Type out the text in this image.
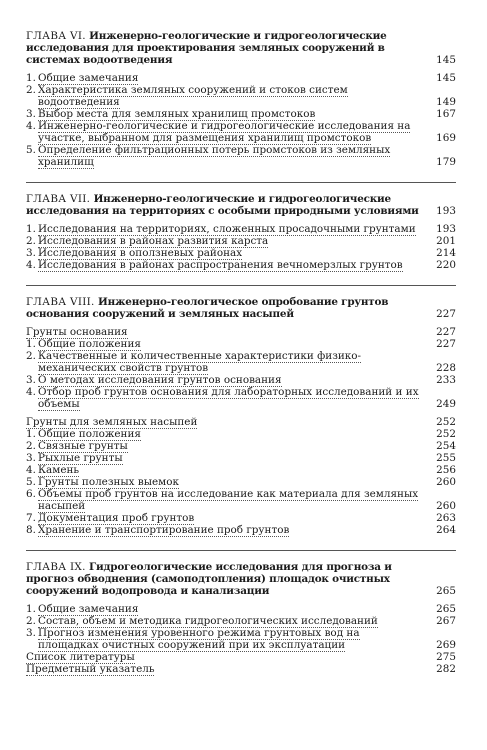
ГЛАВА VI. Инженерно-геологические и гидрогеологические исследования для проектирования земляных сооружений в системах водоотведения	145
1. Общие замечания	145
2. Характеристика земляных сооружений и стоков систем водоотведения	149
3. Выбор места для земляных хранилищ промстоков	167
4. Инженерно-геологические и гидрогеологические исследования на участке, выбранном для размещения хранилищ промстоков	169
5. Определение фильтрационных потерь промстоков из земляных хранилищ	179
ГЛАВА VII. Инженерно-геологические и гидрогеологические исследования на территориях с особыми природными условиями 193
1. Исследования на территориях, сложенных просадочными грунтами	193
2. Исследования в районах развития карста	201
3. Исследования в оползневых районах	214
4. Исследования в районах распространения вечномерзлых грунтов	220
ГЛАВА VIII. Инженерно-геологическое опробование грунтов основания сооружений и земляных насыпей	227
Грунты основания	227
1. Общие положения	227
2. Качественные и количественные характеристики физико-механических свойств грунтов	228
3. О методах исследования грунтов основания	233
4. Отбор проб грунтов основания для лабораторных исследований и их объемы	249
Грунты для земляных насыпей	252
1. Общие положения	252
2. Связные грунты	254
3. Рыхлые грунты	255
4. Камень	256
5. Грунты полезных выемок	260
6. Объемы проб грунтов на исследование как материала для земляных насыпей	260
7. Документация проб грунтов	263
8. Хранение и транспортирование проб грунтов	264
ГЛАВА IX. Гидрогеологические исследования для прогноза и прогноз обводнения (самоподтопления) площадок очистных сооружений водопровода и канализации	265
1. Общие замечания	265
2. Состав, объем и методика гидрогеологических исследований	267
3. Прогноз изменения уровенного режима грунтовых вод на площадках очистных сооружений при их эксплуатации	269
Список литературы	275
Предметный указатель	282
